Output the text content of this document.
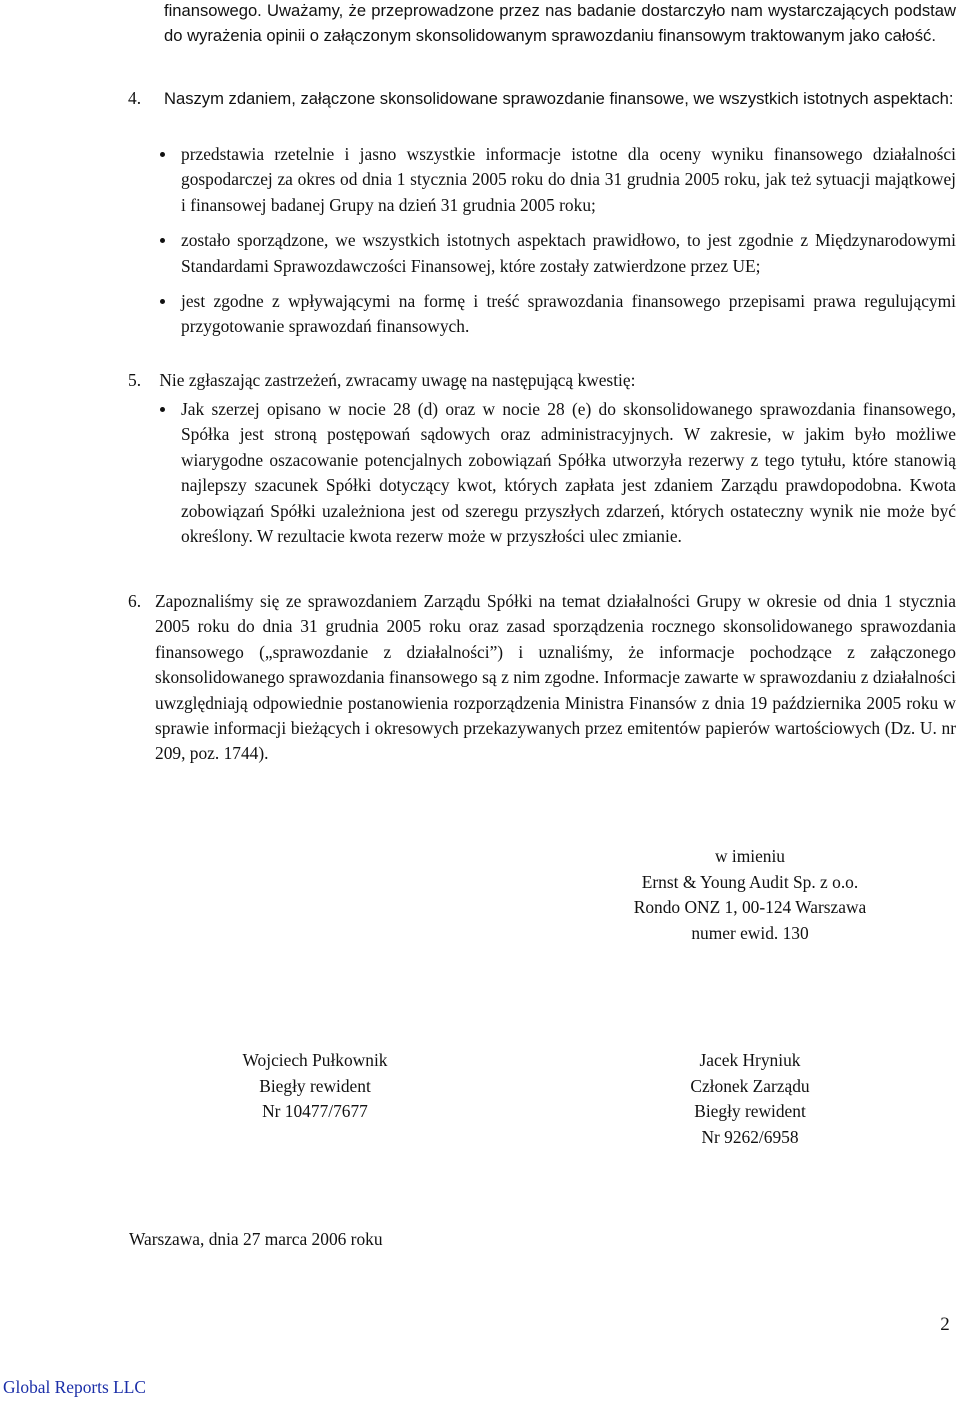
finansowego. Uważamy, że przeprowadzone przez nas badanie dostarczyło nam wystarczających podstaw do wyrażenia opinii o załączonym skonsolidowanym sprawozdaniu finansowym traktowanym jako całość.
4.	Naszym zdaniem, załączone skonsolidowane sprawozdanie finansowe, we wszystkich istotnych aspektach:
przedstawia rzetelnie i jasno wszystkie informacje istotne dla oceny wyniku finansowego działalności gospodarczej za okres od dnia 1 stycznia 2005 roku do dnia 31 grudnia 2005 roku, jak też sytuacji majątkowej i finansowej badanej Grupy na dzień 31 grudnia 2005 roku;
zostało sporządzone, we wszystkich istotnych aspektach prawidłowo, to jest zgodnie z Międzynarodowymi Standardami Sprawozdawczości Finansowej, które zostały zatwierdzone przez UE;
jest zgodne z wpływającymi na formę i treść sprawozdania finansowego przepisami prawa regulującymi przygotowanie sprawozdań finansowych.
5. Nie zgłaszając zastrzeżeń, zwracamy uwagę na następującą kwestię:
Jak szerzej opisano w nocie 28 (d) oraz w nocie 28 (e) do skonsolidowanego sprawozdania finansowego, Spółka jest stroną postępowań sądowych oraz administracyjnych. W zakresie, w jakim było możliwe wiarygodne oszacowanie potencjalnych zobowiązań Spółka utworzyła rezerwy z tego tytułu, które stanowią najlepszy szacunek Spółki dotyczący kwot, których zapłata jest zdaniem Zarządu prawdopodobna. Kwota zobowiązań Spółki uzależniona jest od szeregu przyszłych zdarzeń, których ostateczny wynik nie może być określony. W rezultacie kwota rezerw może w przyszłości ulec zmianie.
6. Zapoznaliśmy się ze sprawozdaniem Zarządu Spółki na temat działalności Grupy w okresie od dnia 1 stycznia 2005 roku do dnia 31 grudnia 2005 roku oraz zasad sporządzenia rocznego skonsolidowanego sprawozdania finansowego („sprawozdanie z działalności”) i uznaliśmy, że informacje pochodzące z załączonego skonsolidowanego sprawozdania finansowego są z nim zgodne. Informacje zawarte w sprawozdaniu z działalności uwzględniają odpowiednie postanowienia rozporządzenia Ministra Finansów z dnia 19 października 2005 roku w sprawie informacji bieżących i okresowych przekazywanych przez emitentów papierów wartościowych (Dz. U. nr 209, poz. 1744).
w imieniu
Ernst & Young Audit Sp. z o.o.
Rondo ONZ 1, 00-124 Warszawa
numer ewid. 130
Wojciech Pułkownik
Biegły rewident
Nr 10477/7677
Jacek Hryniuk
Członek Zarządu
Biegły rewident
Nr 9262/6958
Warszawa, dnia 27 marca 2006 roku
2
Global Reports LLC
